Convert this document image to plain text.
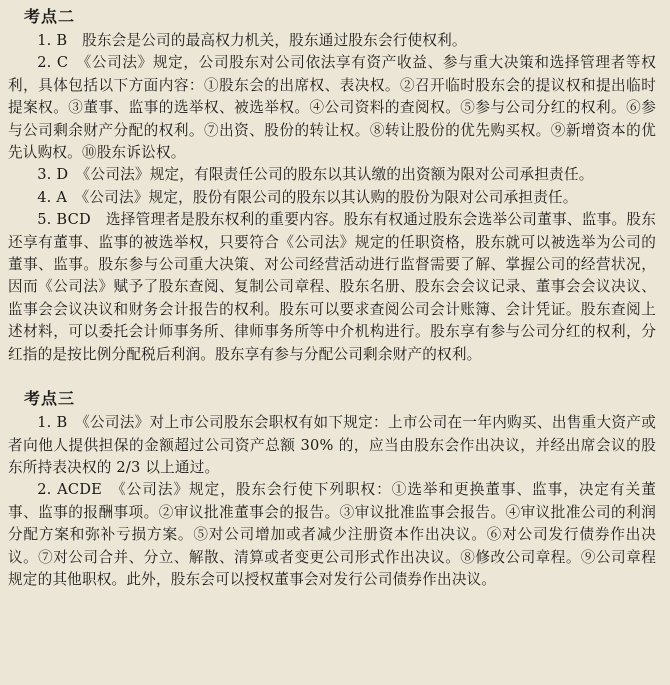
考点二

1. B　股东会是公司的最高权力机关，股东通过股东会行使权利。

2. C　《公司法》规定，公司股东对公司依法享有资产收益、参与重大决策和选择管理者等权利，具体包括以下方面内容：①股东会的出席权、表决权。②召开临时股东会的提议权和提出临时提案权。③董事、监事的选举权、被选举权。④公司资料的查阅权。⑤参与公司分红的权利。⑥参与公司剩余财产分配的权利。⑦出资、股份的转让权。⑧转让股份的优先购买权。⑨新增资本的优先认购权。⑩股东诉讼权。

3. D　《公司法》规定，有限责任公司的股东以其认缴的出资额为限对公司承担责任。

4. A　《公司法》规定，股份有限公司的股东以其认购的股份为限对公司承担责任。

5. BCD　选择管理者是股东权利的重要内容。股东有权通过股东会选举公司董事、监事。股东还享有董事、监事的被选举权，只要符合《公司法》规定的任职资格，股东就可以被选举为公司的董事、监事。股东参与公司重大决策、对公司经营活动进行监督需要了解、掌握公司的经营状况，因而《公司法》赋予了股东查阅、复制公司章程、股东名册、股东会会议记录、董事会会议决议、监事会会议决议和财务会计报告的权利。股东可以要求查阅公司会计账簿、会计凭证。股东查阅上述材料，可以委托会计师事务所、律师事务所等中介机构进行。股东享有参与公司分红的权利，分红指的是按比例分配税后利润。股东享有参与分配公司剩余财产的权利。

考点三

1. B　《公司法》对上市公司股东会职权有如下规定：上市公司在一年内购买、出售重大资产或者向他人提供担保的金额超过公司资产总额 30% 的，应当由股东会作出决议，并经出席会议的股东所持表决权的 2/3 以上通过。

2. ACDE　《公司法》规定，股东会行使下列职权：①选举和更换董事、监事，决定有关董事、监事的报酬事项。②审议批准董事会的报告。③审议批准监事会报告。④审议批准公司的利润分配方案和弥补亏损方案。⑤对公司增加或者减少注册资本作出决议。⑥对公司发行债券作出决议。⑦对公司合并、分立、解散、清算或者变更公司形式作出决议。⑧修改公司章程。⑨公司章程规定的其他职权。此外，股东会可以授权董事会对发行公司债券作出决议。
